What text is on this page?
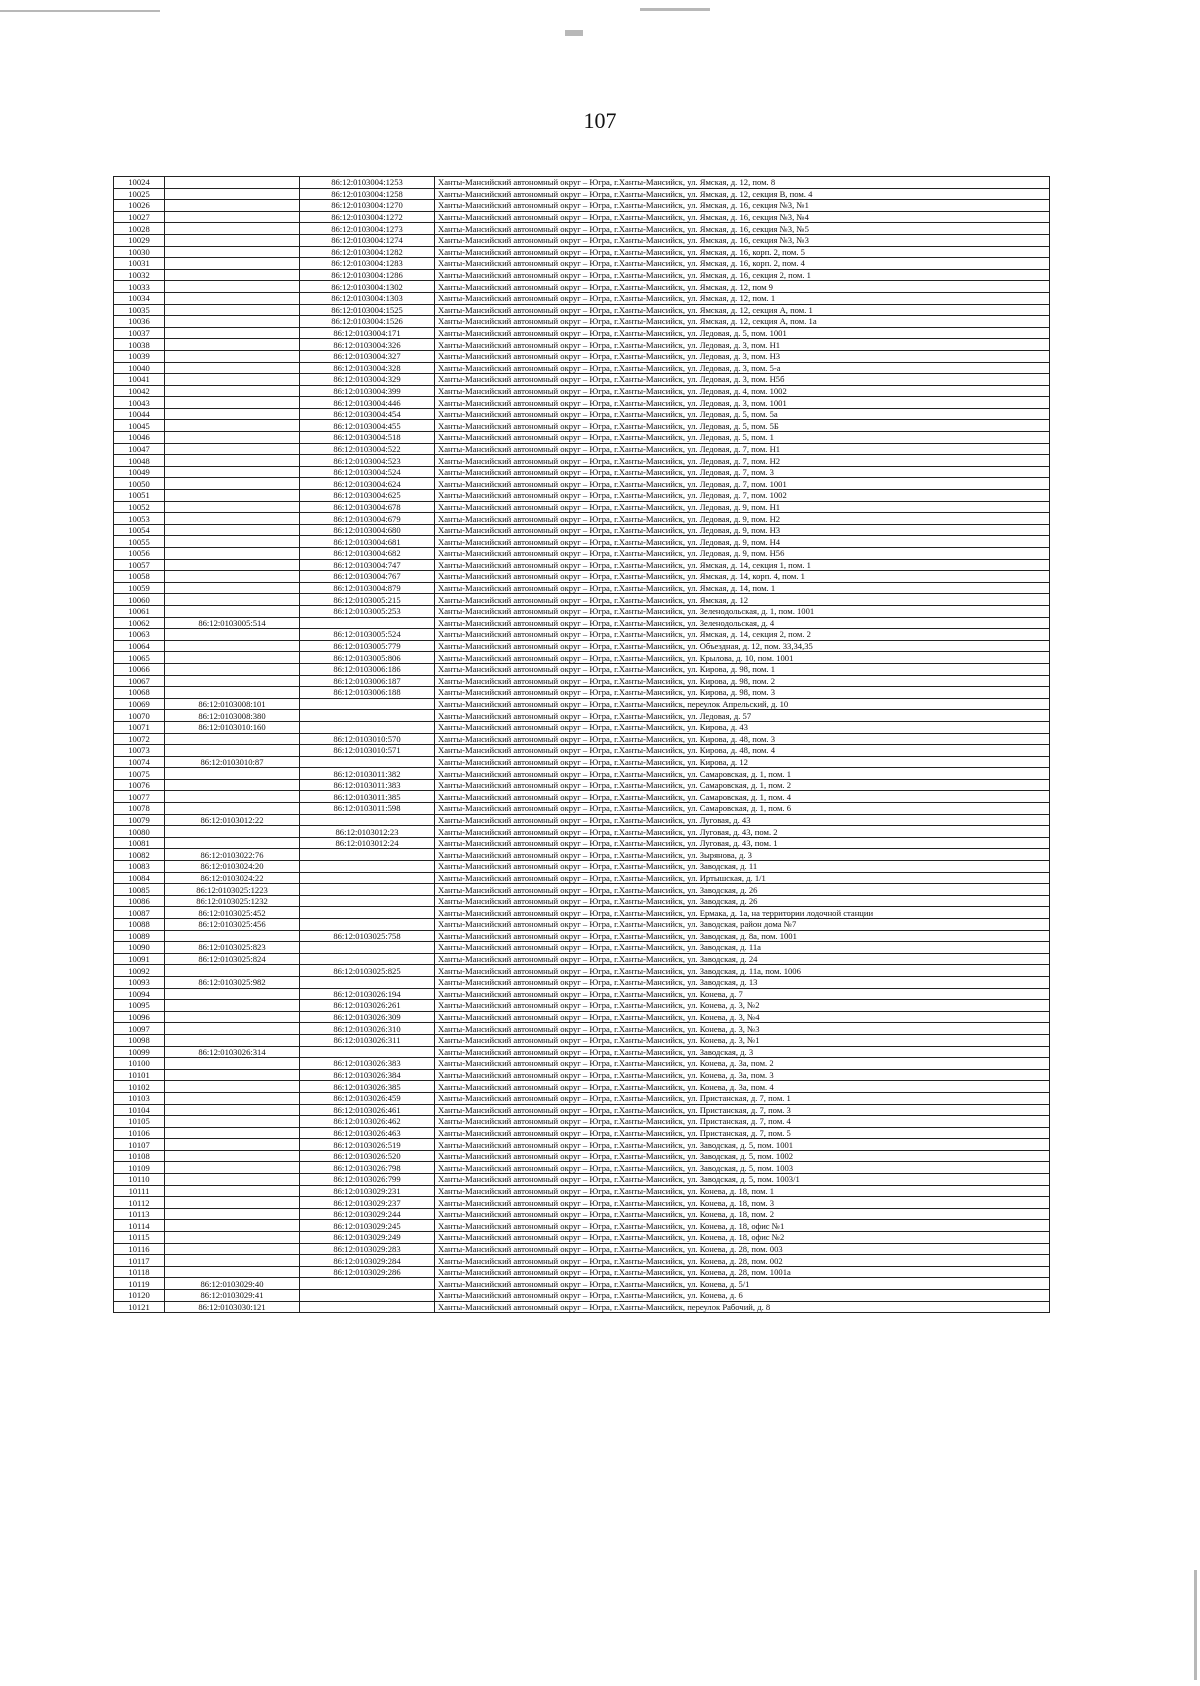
107
10024		86:12:0103004:1253	Ханты-Мансийский автономный округ – Югра, г.Ханты-Мансийск, ул. Ямская, д. 12, пом. 8
10025		86:12:0103004:1258	Ханты-Мансийский автономный округ – Югра, г.Ханты-Мансийск, ул. Ямская, д. 12, секция В, пом. 4
10026		86:12:0103004:1270	Ханты-Мансийский автономный округ – Югра, г.Ханты-Мансийск, ул. Ямская, д. 16, секция №3, №1
10027		86:12:0103004:1272	Ханты-Мансийский автономный округ – Югра, г.Ханты-Мансийск, ул. Ямская, д. 16, секция №3, №4
10028		86:12:0103004:1273	Ханты-Мансийский автономный округ – Югра, г.Ханты-Мансийск, ул. Ямская, д. 16, секция №3, №5
10029		86:12:0103004:1274	Ханты-Мансийский автономный округ – Югра, г.Ханты-Мансийск, ул. Ямская, д. 16, секция №3, №3
10030		86:12:0103004:1282	Ханты-Мансийский автономный округ – Югра, г.Ханты-Мансийск, ул. Ямская, д. 16, корп. 2, пом. 5
10031		86:12:0103004:1283	Ханты-Мансийский автономный округ – Югра, г.Ханты-Мансийск, ул. Ямская, д. 16, корп. 2, пом. 4
10032		86:12:0103004:1286	Ханты-Мансийский автономный округ – Югра, г.Ханты-Мансийск, ул. Ямская, д. 16, секция 2, пом. 1
10033		86:12:0103004:1302	Ханты-Мансийский автономный округ – Югра, г.Ханты-Мансийск, ул. Ямская, д. 12, пом 9
10034		86:12:0103004:1303	Ханты-Мансийский автономный округ – Югра, г.Ханты-Мансийск, ул. Ямская, д. 12, пом. 1
10035		86:12:0103004:1525	Ханты-Мансийский автономный округ – Югра, г.Ханты-Мансийск, ул. Ямская, д. 12, секция А, пом. 1
10036		86:12:0103004:1526	Ханты-Мансийский автономный округ – Югра, г.Ханты-Мансийск, ул. Ямская, д. 12, секция А, пом. 1а
10037		86:12:0103004:171	Ханты-Мансийский автономный округ – Югра, г.Ханты-Мансийск, ул. Ледовая, д. 5, пом. 1001
10038		86:12:0103004:326	Ханты-Мансийский автономный округ – Югра, г.Ханты-Мансийск, ул. Ледовая, д. 3, пом. Н1
10039		86:12:0103004:327	Ханты-Мансийский автономный округ – Югра, г.Ханты-Мансийск, ул. Ледовая, д. 3, пом. Н3
10040		86:12:0103004:328	Ханты-Мансийский автономный округ – Югра, г.Ханты-Мансийск, ул. Ледовая, д. 3, пом. 5-а
10041		86:12:0103004:329	Ханты-Мансийский автономный округ – Югра, г.Ханты-Мансийск, ул. Ледовая, д. 3, пом. Н5б
10042		86:12:0103004:399	Ханты-Мансийский автономный округ – Югра, г.Ханты-Мансийск, ул. Ледовая, д. 4, пом. 1002
10043		86:12:0103004:446	Ханты-Мансийский автономный округ – Югра, г.Ханты-Мансийск, ул. Ледовая, д. 3, пом. 1001
10044		86:12:0103004:454	Ханты-Мансийский автономный округ – Югра, г.Ханты-Мансийск, ул. Ледовая, д. 5, пом. 5а
10045		86:12:0103004:455	Ханты-Мансийский автономный округ – Югра, г.Ханты-Мансийск, ул. Ледовая, д. 5, пом. 5Б
10046		86:12:0103004:518	Ханты-Мансийский автономный округ – Югра, г.Ханты-Мансийск, ул. Ледовая, д. 5, пом. 1
10047		86:12:0103004:522	Ханты-Мансийский автономный округ – Югра, г.Ханты-Мансийск, ул. Ледовая, д. 7, пом. Н1
10048		86:12:0103004:523	Ханты-Мансийский автономный округ – Югра, г.Ханты-Мансийск, ул. Ледовая, д. 7, пом. Н2
10049		86:12:0103004:524	Ханты-Мансийский автономный округ – Югра, г.Ханты-Мансийск, ул. Ледовая, д. 7, пом. 3
10050		86:12:0103004:624	Ханты-Мансийский автономный округ – Югра, г.Ханты-Мансийск, ул. Ледовая, д. 7, пом. 1001
10051		86:12:0103004:625	Ханты-Мансийский автономный округ – Югра, г.Ханты-Мансийск, ул. Ледовая, д. 7, пом. 1002
10052		86:12:0103004:678	Ханты-Мансийский автономный округ – Югра, г.Ханты-Мансийск, ул. Ледовая, д. 9, пом. Н1
10053		86:12:0103004:679	Ханты-Мансийский автономный округ – Югра, г.Ханты-Мансийск, ул. Ледовая, д. 9, пом. Н2
10054		86:12:0103004:680	Ханты-Мансийский автономный округ – Югра, г.Ханты-Мансийск, ул. Ледовая, д. 9, пом. Н3
10055		86:12:0103004:681	Ханты-Мансийский автономный округ – Югра, г.Ханты-Мансийск, ул. Ледовая, д. 9, пом. Н4
10056		86:12:0103004:682	Ханты-Мансийский автономный округ – Югра, г.Ханты-Мансийск, ул. Ледовая, д. 9, пом. Н56
10057		86:12:0103004:747	Ханты-Мансийский автономный округ – Югра, г.Ханты-Мансийск, ул. Ямская, д. 14, секция 1, пом. 1
10058		86:12:0103004:767	Ханты-Мансийский автономный округ – Югра, г.Ханты-Мансийск, ул. Ямская, д. 14, корп. 4, пом. 1
10059		86:12:0103004:879	Ханты-Мансийский автономный округ – Югра, г.Ханты-Мансийск, ул. Ямская, д. 14, пом. 1
10060		86:12:0103005:215	Ханты-Мансийский автономный округ – Югра, г.Ханты-Мансийск, ул. Ямская, д. 12
10061		86:12:0103005:253	Ханты-Мансийский автономный округ – Югра, г.Ханты-Мансийск, ул. Зеленодольская, д. 1, пом. 1001
10062	86:12:0103005:514		Ханты-Мансийский автономный округ – Югра, г.Ханты-Мансийск, ул. Зеленодольская, д. 4
10063		86:12:0103005:524	Ханты-Мансийский автономный округ – Югра, г.Ханты-Мансийск, ул. Ямская, д. 14, секция 2, пом. 2
10064		86:12:0103005:779	Ханты-Мансийский автономный округ – Югра, г.Ханты-Мансийск, ул. Объездная, д. 12, пом. 33,34,35
10065		86:12:0103005:806	Ханты-Мансийский автономный округ – Югра, г.Ханты-Мансийск, ул. Крылова, д. 10, пом. 1001
10066		86:12:0103006:186	Ханты-Мансийский автономный округ – Югра, г.Ханты-Мансийск, ул. Кирова, д. 98, пом. 1
10067		86:12:0103006:187	Ханты-Мансийский автономный округ – Югра, г.Ханты-Мансийск, ул. Кирова, д. 98, пом. 2
10068		86:12:0103006:188	Ханты-Мансийский автономный округ – Югра, г.Ханты-Мансийск, ул. Кирова, д. 98, пом. 3
10069	86:12:0103008:101		Ханты-Мансийский автономный округ – Югра, г.Ханты-Мансийск, переулок Апрельский, д. 10
10070	86:12:0103008:380		Ханты-Мансийский автономный округ – Югра, г.Ханты-Мансийск, ул. Ледовая, д. 57
10071	86:12:0103010:160		Ханты-Мансийский автономный округ – Югра, г.Ханты-Мансийск, ул. Кирова, д. 43
10072		86:12:0103010:570	Ханты-Мансийский автономный округ – Югра, г.Ханты-Мансийск, ул. Кирова, д. 48, пом. 3
10073		86:12:0103010:571	Ханты-Мансийский автономный округ – Югра, г.Ханты-Мансийск, ул. Кирова, д. 48, пом. 4
10074	86:12:0103010:87		Ханты-Мансийский автономный округ – Югра, г.Ханты-Мансийск, ул. Кирова, д. 12
10075		86:12:0103011:382	Ханты-Мансийский автономный округ – Югра, г.Ханты-Мансийск, ул. Самаровская, д. 1, пом. 1
10076		86:12:0103011:383	Ханты-Мансийский автономный округ – Югра, г.Ханты-Мансийск, ул. Самаровская, д. 1, пом. 2
10077		86:12:0103011:385	Ханты-Мансийский автономный округ – Югра, г.Ханты-Мансийск, ул. Самаровская, д. 1, пом. 4
10078		86:12:0103011:598	Ханты-Мансийский автономный округ – Югра, г.Ханты-Мансийск, ул. Самаровская, д. 1, пом. 6
10079	86:12:0103012:22		Ханты-Мансийский автономный округ – Югра, г.Ханты-Мансийск, ул. Луговая, д. 43
10080		86:12:0103012:23	Ханты-Мансийский автономный округ – Югра, г.Ханты-Мансийск, ул. Луговая, д. 43, пом. 2
10081		86:12:0103012:24	Ханты-Мансийский автономный округ – Югра, г.Ханты-Мансийск, ул. Луговая, д. 43, пом. 1
10082	86:12:0103022:76		Ханты-Мансийский автономный округ – Югра, г.Ханты-Мансийск, ул. Зырянова, д. 3
10083	86:12:0103024:20		Ханты-Мансийский автономный округ – Югра, г.Ханты-Мансийск, ул. Заводская, д. 11
10084	86:12:0103024:22		Ханты-Мансийский автономный округ – Югра, г.Ханты-Мансийск, ул. Иртышская, д. 1/1
10085	86:12:0103025:1223		Ханты-Мансийский автономный округ – Югра, г.Ханты-Мансийск, ул. Заводская, д. 26
10086	86:12:0103025:1232		Ханты-Мансийский автономный округ – Югра, г.Ханты-Мансийск, ул. Заводская, д. 26
10087	86:12:0103025:452		Ханты-Мансийский автономный округ – Югра, г.Ханты-Мансийск, ул. Ермака, д. 1а, на территории лодочной станции
10088	86:12:0103025:456		Ханты-Мансийский автономный округ – Югра, г.Ханты-Мансийск, ул. Заводская, район дома №7
10089		86:12:0103025:758	Ханты-Мансийский автономный округ – Югра, г.Ханты-Мансийск, ул. Заводская, д. 8а, пом. 1001
10090	86:12:0103025:823		Ханты-Мансийский автономный округ – Югра, г.Ханты-Мансийск, ул. Заводская, д. 11а
10091	86:12:0103025:824		Ханты-Мансийский автономный округ – Югра, г.Ханты-Мансийск, ул. Заводская, д. 24
10092		86:12:0103025:825	Ханты-Мансийский автономный округ – Югра, г.Ханты-Мансийск, ул. Заводская, д. 11а, пом. 1006
10093	86:12:0103025:982		Ханты-Мансийский автономный округ – Югра, г.Ханты-Мансийск, ул. Заводская, д. 13
10094		86:12:0103026:194	Ханты-Мансийский автономный округ – Югра, г.Ханты-Мансийск, ул. Конева, д. 7
10095		86:12:0103026:261	Ханты-Мансийский автономный округ – Югра, г.Ханты-Мансийск, ул. Конева, д. 3, №2
10096		86:12:0103026:309	Ханты-Мансийский автономный округ – Югра, г.Ханты-Мансийск, ул. Конева, д. 3, №4
10097		86:12:0103026:310	Ханты-Мансийский автономный округ – Югра, г.Ханты-Мансийск, ул. Конева, д. 3, №3
10098		86:12:0103026:311	Ханты-Мансийский автономный округ – Югра, г.Ханты-Мансийск, ул. Конева, д. 3, №1
10099	86:12:0103026:314		Ханты-Мансийский автономный округ – Югра, г.Ханты-Мансийск, ул. Заводская, д. 3
10100		86:12:0103026:383	Ханты-Мансийский автономный округ – Югра, г.Ханты-Мансийск, ул. Конева, д. 3а, пом. 2
10101		86:12:0103026:384	Ханты-Мансийский автономный округ – Югра, г.Ханты-Мансийск, ул. Конева, д. 3а, пом. 3
10102		86:12:0103026:385	Ханты-Мансийский автономный округ – Югра, г.Ханты-Мансийск, ул. Конева, д. 3а, пом. 4
10103		86:12:0103026:459	Ханты-Мансийский автономный округ – Югра, г.Ханты-Мансийск, ул. Пристанская, д. 7, пом. 1
10104		86:12:0103026:461	Ханты-Мансийский автономный округ – Югра, г.Ханты-Мансийск, ул. Пристанская, д. 7, пом. 3
10105		86:12:0103026:462	Ханты-Мансийский автономный округ – Югра, г.Ханты-Мансийск, ул. Пристанская, д. 7, пом. 4
10106		86:12:0103026:463	Ханты-Мансийский автономный округ – Югра, г.Ханты-Мансийск, ул. Пристанская, д. 7, пом. 5
10107		86:12:0103026:519	Ханты-Мансийский автономный округ – Югра, г.Ханты-Мансийск, ул. Заводская, д. 5, пом. 1001
10108		86:12:0103026:520	Ханты-Мансийский автономный округ – Югра, г.Ханты-Мансийск, ул. Заводская, д. 5, пом. 1002
10109		86:12:0103026:798	Ханты-Мансийский автономный округ – Югра, г.Ханты-Мансийск, ул. Заводская, д. 5, пом. 1003
10110		86:12:0103026:799	Ханты-Мансийский автономный округ – Югра, г.Ханты-Мансийск, ул. Заводская, д. 5, пом. 1003/1
10111		86:12:0103029:231	Ханты-Мансийский автономный округ – Югра, г.Ханты-Мансийск, ул. Конева, д. 18, пом. 1
10112		86:12:0103029:237	Ханты-Мансийский автономный округ – Югра, г.Ханты-Мансийск, ул. Конева, д. 18, пом. 3
10113		86:12:0103029:244	Ханты-Мансийский автономный округ – Югра, г.Ханты-Мансийск, ул. Конева, д. 18, пом. 2
10114		86:12:0103029:245	Ханты-Мансийский автономный округ – Югра, г.Ханты-Мансийск, ул. Конева, д. 18, офис №1
10115		86:12:0103029:249	Ханты-Мансийский автономный округ – Югра, г.Ханты-Мансийск, ул. Конева, д. 18, офис №2
10116		86:12:0103029:283	Ханты-Мансийский автономный округ – Югра, г.Ханты-Мансийск, ул. Конева, д. 28, пом. 003
10117		86:12:0103029:284	Ханты-Мансийский автономный округ – Югра, г.Ханты-Мансийск, ул. Конева, д. 28, пом. 002
10118		86:12:0103029:286	Ханты-Мансийский автономный округ – Югра, г.Ханты-Мансийск, ул. Конева, д. 28, пом. 1001а
10119	86:12:0103029:40		Ханты-Мансийский автономный округ – Югра, г.Ханты-Мансийск, ул. Конева, д. 5/1
10120	86:12:0103029:41		Ханты-Мансийский автономный округ – Югра, г.Ханты-Мансийск, ул. Конева, д. 6
10121	86:12:0103030:121		Ханты-Мансийский автономный округ – Югра, г.Ханты-Мансийск, переулок Рабочий, д. 8
